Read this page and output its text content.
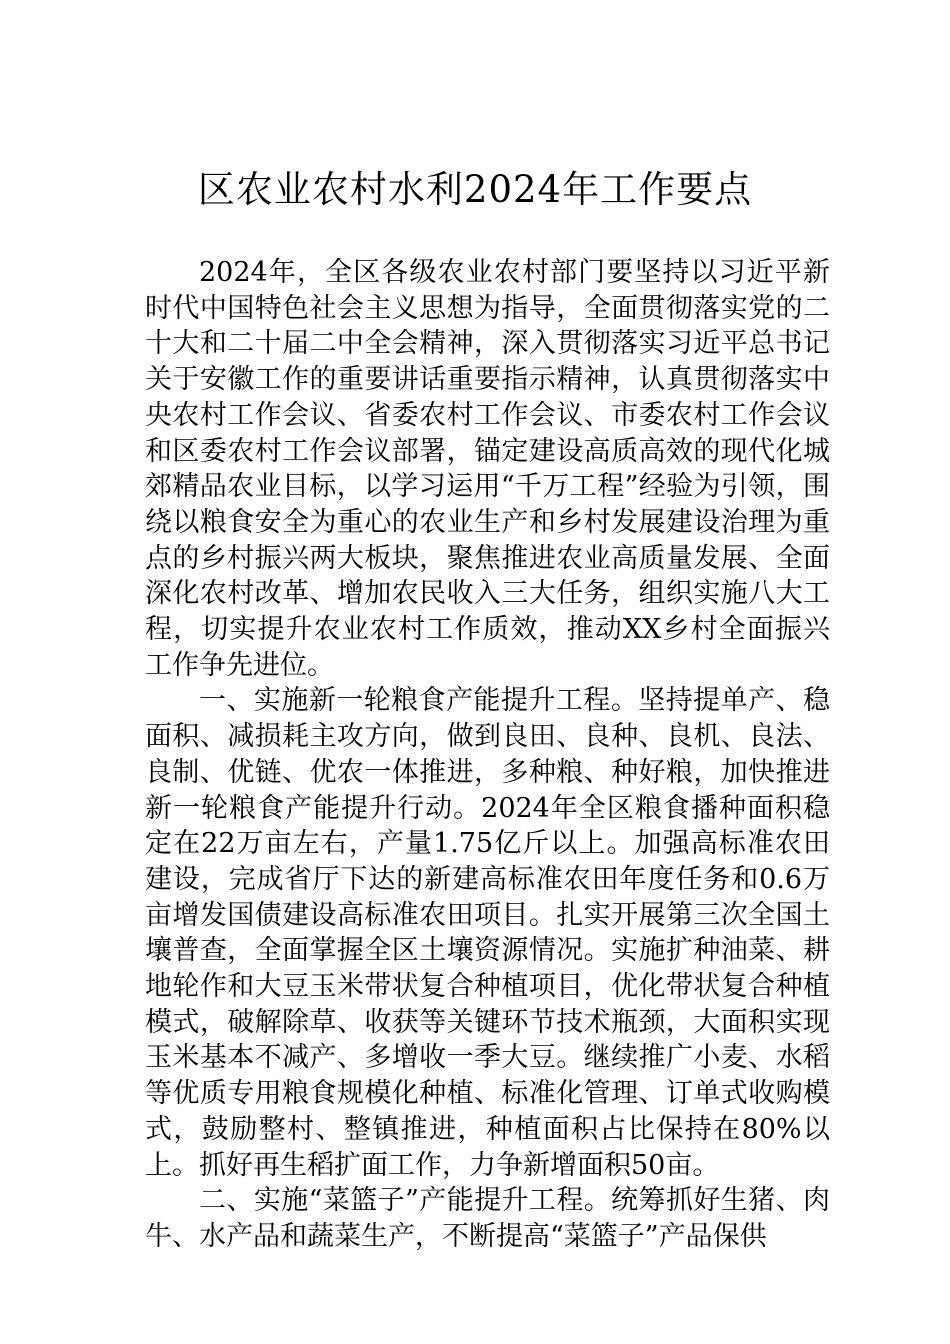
区农业农村水利2024年工作要点

2024年，全区各级农业农村部门要坚持以习近平新时代中国特色社会主义思想为指导，全面贯彻落实党的二十大和二十届二中全会精神，深入贯彻落实习近平总书记关于安徽工作的重要讲话重要指示精神，认真贯彻落实中央农村工作会议、省委农村工作会议、市委农村工作会议和区委农村工作会议部署，锚定建设高质高效的现代化城郊精品农业目标，以学习运用“千万工程”经验为引领，围绕以粮食安全为重心的农业生产和乡村发展建设治理为重点的乡村振兴两大板块，聚焦推进农业高质量发展、全面深化农村改革、增加农民收入三大任务，组织实施八大工程，切实提升农业农村工作质效，推动XX乡村全面振兴工作争先进位。

一、实施新一轮粮食产能提升工程。坚持提单产、稳面积、减损耗主攻方向，做到良田、良种、良机、良法、良制、优链、优农一体推进，多种粮、种好粮，加快推进新一轮粮食产能提升行动。2024年全区粮食播种面积稳定在22万亩左右，产量1.75亿斤以上。加强高标准农田建设，完成省厅下达的新建高标准农田年度任务和0.6万亩增发国债建设高标准农田项目。扎实开展第三次全国土壤普查，全面掌握全区土壤资源情况。实施扩种油菜、耕地轮作和大豆玉米带状复合种植项目，优化带状复合种植模式，破解除草、收获等关键环节技术瓶颈，大面积实现玉米基本不减产、多增收一季大豆。继续推广小麦、水稻等优质专用粮食规模化种植、标准化管理、订单式收购模式，鼓励整村、整镇推进，种植面积占比保持在80%以上。抓好再生稻扩面工作，力争新增面积50亩。

二、实施“菜篮子”产能提升工程。统筹抓好生猪、肉牛、水产品和蔬菜生产，不断提高“菜篮子”产品保供
